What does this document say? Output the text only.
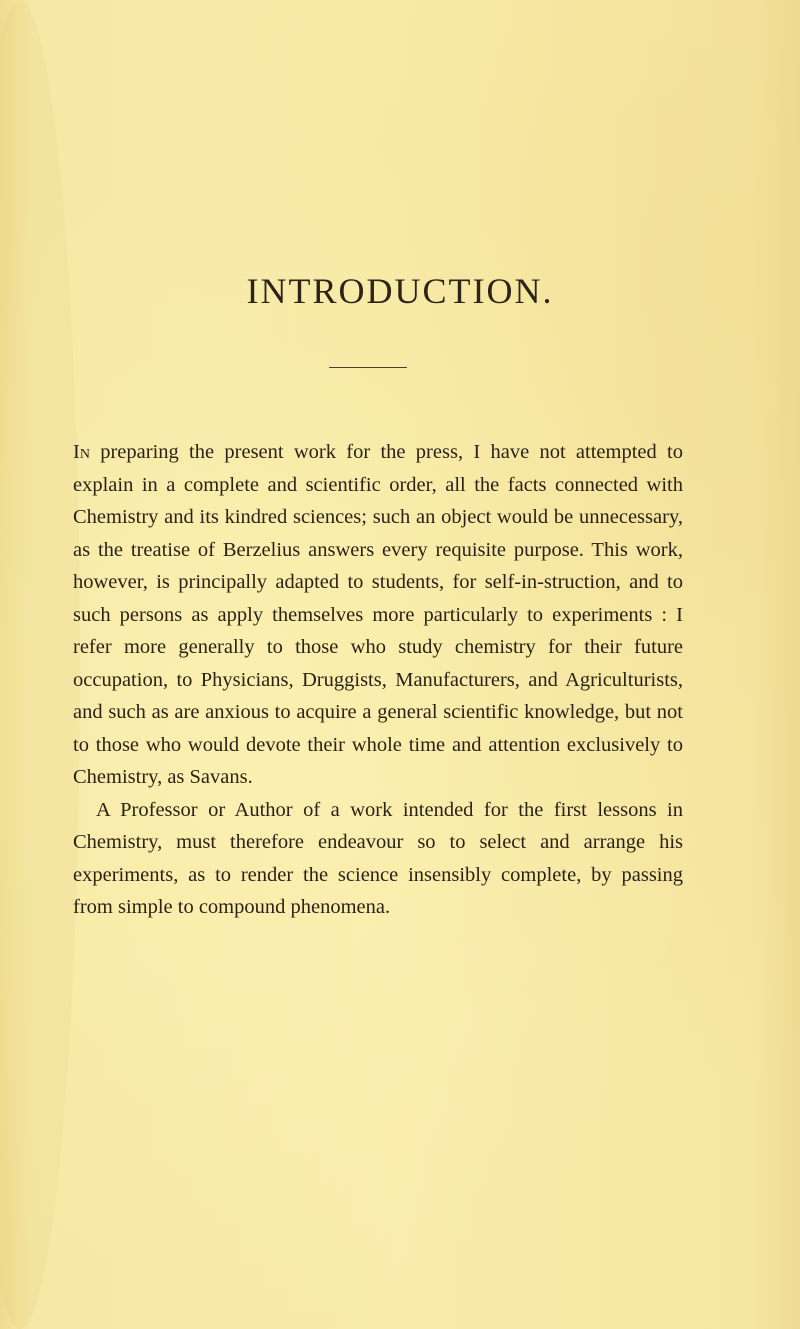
INTRODUCTION.

In preparing the present work for the press, I have not attempted to explain in a complete and scientific order, all the facts connected with Chemistry and its kindred sciences; such an object would be unnecessary, as the treatise of Berzelius answers every requisite purpose. This work, however, is principally adapted to students, for self-in-struction, and to such persons as apply themselves more particularly to experiments : I refer more generally to those who study chemistry for their future occupation, to Physicians, Druggists, Manufacturers, and Agriculturists, and such as are anxious to acquire a general scientific knowledge, but not to those who would devote their whole time and attention exclusively to Chemistry, as Savans.

A Professor or Author of a work intended for the first lessons in Chemistry, must therefore endeavour so to select and arrange his experiments, as to render the science insensibly complete, by passing from simple to compound phenomena.
